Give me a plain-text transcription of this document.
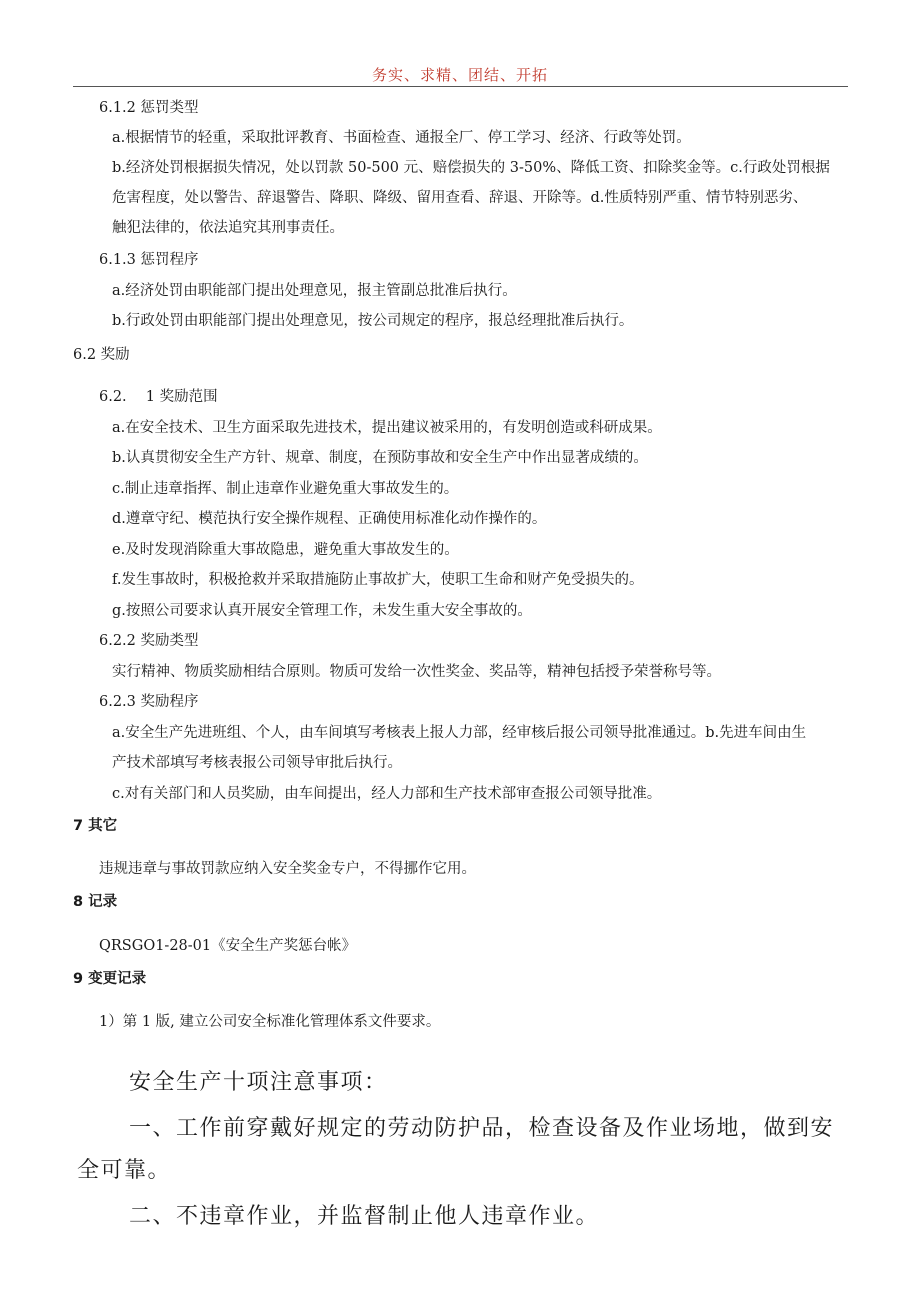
务实、求精、团结、开拓
6.1.2 惩罚类型
a.根据情节的轻重，采取批评教育、书面检查、通报全厂、停工学习、经济、行政等处罚。
b.经济处罚根据损失情况，处以罚款 50-500 元、赔偿损失的 3-50%、降低工资、扣除奖金等。c.行政处罚根据
危害程度，处以警告、辞退警告、降职、降级、留用查看、辞退、开除等。d.性质特别严重、情节特别恶劣、
触犯法律的，依法追究其刑事责任。
6.1.3 惩罚程序
a.经济处罚由职能部门提出处理意见，报主管副总批准后执行。
b.行政处罚由职能部门提出处理意见，按公司规定的程序，报总经理批准后执行。
6.2 奖励
6.2.　 1 奖励范围
a.在安全技术、卫生方面采取先进技术，提出建议被采用的，有发明创造或科研成果。
b.认真贯彻安全生产方针、规章、制度，在预防事故和安全生产中作出显著成绩的。
c.制止违章指挥、制止违章作业避免重大事故发生的。
d.遵章守纪、模范执行安全操作规程、正确使用标准化动作操作的。
e.及时发现消除重大事故隐患，避免重大事故发生的。
f.发生事故时，积极抢救并采取措施防止事故扩大，使职工生命和财产免受损失的。
g.按照公司要求认真开展安全管理工作，未发生重大安全事故的。
6.2.2 奖励类型
实行精神、物质奖励相结合原则。物质可发给一次性奖金、奖品等，精神包括授予荣誉称号等。
6.2.3 奖励程序
a.安全生产先进班组、个人，由车间填写考核表上报人力部，经审核后报公司领导批准通过。b.先进车间由生
产技术部填写考核表报公司领导审批后执行。
c.对有关部门和人员奖励，由车间提出，经人力部和生产技术部审查报公司领导批准。
7 其它
违规违章与事故罚款应纳入安全奖金专户，不得挪作它用。
8 记录
QRSGO1-28-01《安全生产奖惩台帐》
9 变更记录
1）第 1 版, 建立公司安全标准化管理体系文件要求。
安全生产十项注意事项：
一、工作前穿戴好规定的劳动防护品，检查设备及作业场地，做到安
全可靠。
二、不违章作业，并监督制止他人违章作业。
